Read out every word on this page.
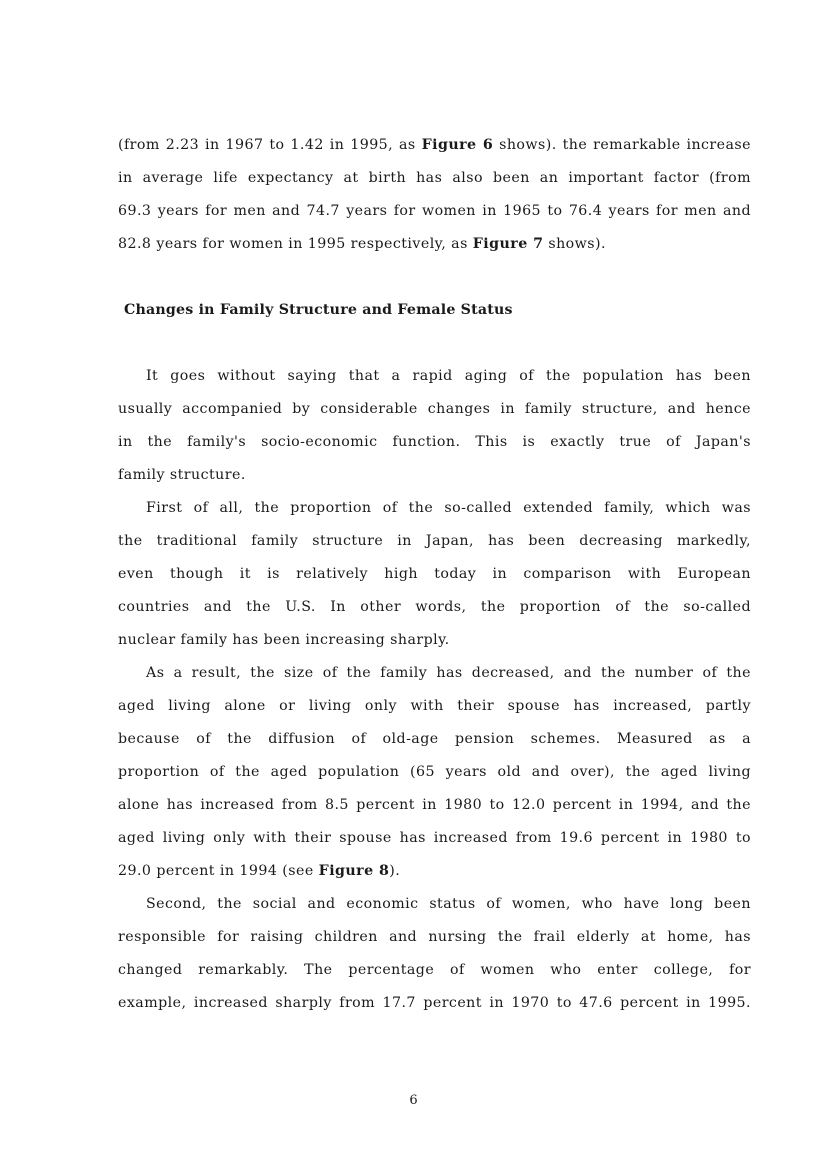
(from 2.23 in 1967 to 1.42 in 1995, as Figure 6 shows). the remarkable increase
in average life expectancy at birth has also been an important factor (from
69.3 years for men and 74.7 years for women in 1965 to 76.4 years for men and
82.8 years for women in 1995 respectively, as Figure 7 shows).
Changes in Family Structure and Female Status
It goes without saying that a rapid aging of the population has been
usually accompanied by considerable changes in family structure, and hence
in the family's socio-economic function. This is exactly true of Japan's
family structure.
First of all, the proportion of the so-called extended family, which was
the traditional family structure in Japan, has been decreasing markedly,
even though it is relatively high today in comparison with European
countries and the U.S. In other words, the proportion of the so-called
nuclear family has been increasing sharply.
As a result, the size of the family has decreased, and the number of the
aged living alone or living only with their spouse has increased, partly
because of the diffusion of old-age pension schemes. Measured as a
proportion of the aged population (65 years old and over), the aged living
alone has increased from 8.5 percent in 1980 to 12.0 percent in 1994, and the
aged living only with their spouse has increased from 19.6 percent in 1980 to
29.0 percent in 1994 (see Figure 8).
Second, the social and economic status of women, who have long been
responsible for raising children and nursing the frail elderly at home, has
changed remarkably. The percentage of women who enter college, for
example, increased sharply from 17.7 percent in 1970 to 47.6 percent in 1995.
6
